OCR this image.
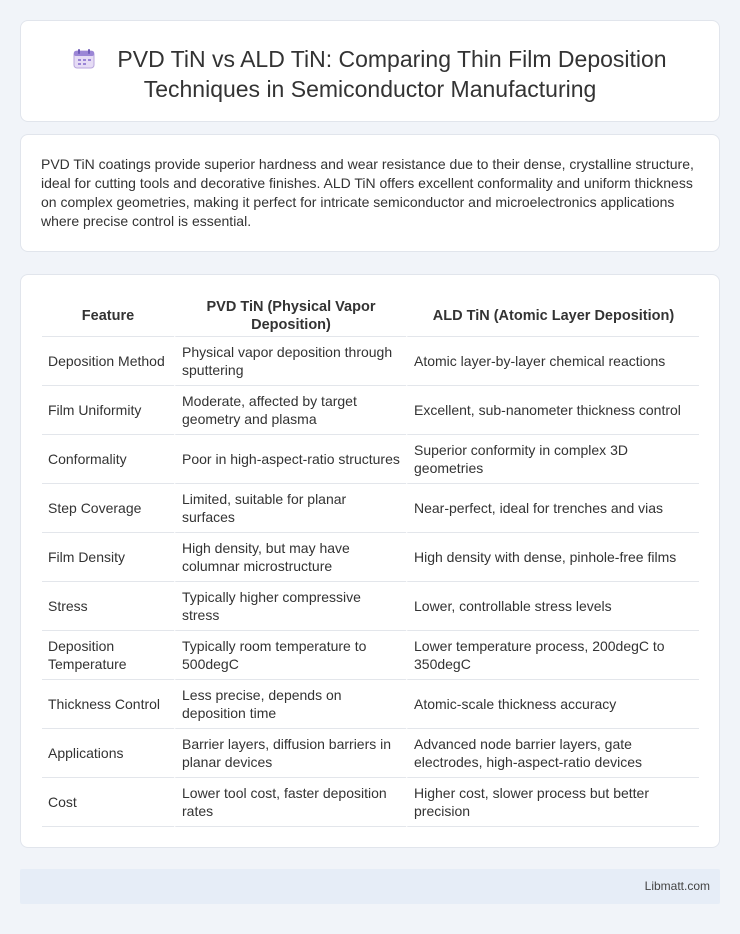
PVD TiN vs ALD TiN: Comparing Thin Film Deposition Techniques in Semiconductor Manufacturing

PVD TiN coatings provide superior hardness and wear resistance due to their dense, crystalline structure, ideal for cutting tools and decorative finishes. ALD TiN offers excellent conformality and uniform thickness on complex geometries, making it perfect for intricate semiconductor and microelectronics applications where precise control is essential.

Feature	PVD TiN (Physical Vapor Deposition)	ALD TiN (Atomic Layer Deposition)
Deposition Method	Physical vapor deposition through sputtering	Atomic layer-by-layer chemical reactions
Film Uniformity	Moderate, affected by target geometry and plasma	Excellent, sub-nanometer thickness control
Conformality	Poor in high-aspect-ratio structures	Superior conformity in complex 3D geometries
Step Coverage	Limited, suitable for planar surfaces	Near-perfect, ideal for trenches and vias
Film Density	High density, but may have columnar microstructure	High density with dense, pinhole-free films
Stress	Typically higher compressive stress	Lower, controllable stress levels
Deposition Temperature	Typically room temperature to 500degC	Lower temperature process, 200degC to 350degC
Thickness Control	Less precise, depends on deposition time	Atomic-scale thickness accuracy
Applications	Barrier layers, diffusion barriers in planar devices	Advanced node barrier layers, gate electrodes, high-aspect-ratio devices
Cost	Lower tool cost, faster deposition rates	Higher cost, slower process but better precision
Libmatt.com
